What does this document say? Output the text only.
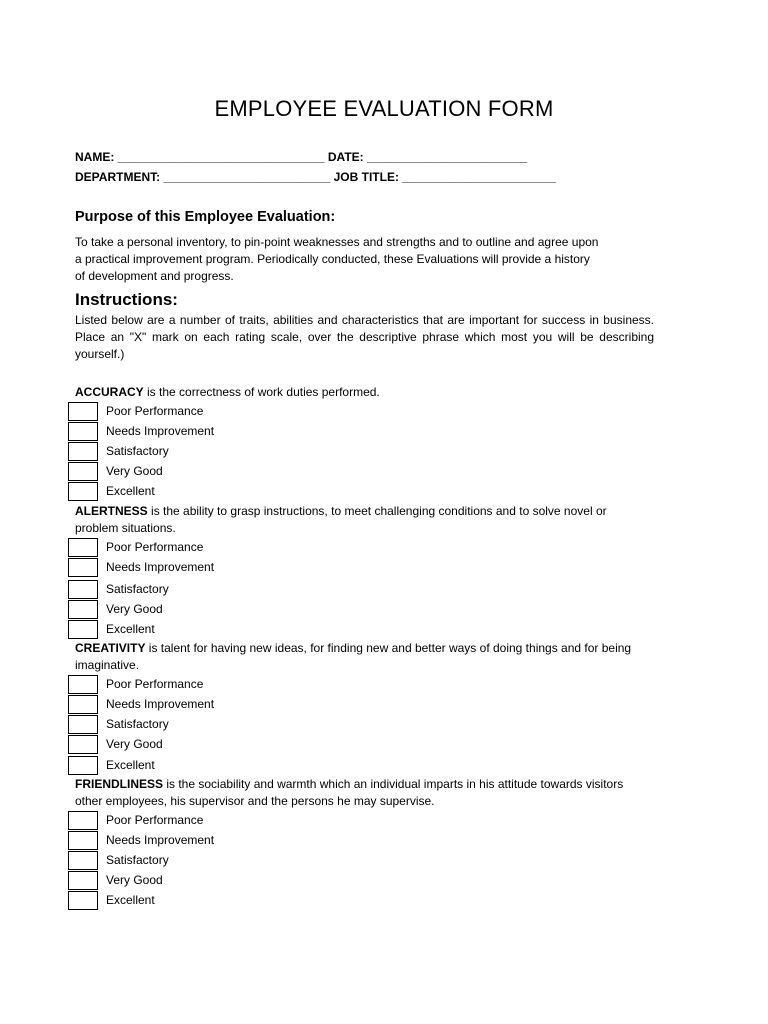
EMPLOYEE EVALUATION FORM
NAME: _______________________________ DATE: ________________________
DEPARTMENT: _________________________ JOB TITLE: _______________________
Purpose of this Employee Evaluation:
To take a personal inventory, to pin-point weaknesses and strengths and to outline and agree upon
a practical improvement program. Periodically conducted, these Evaluations will provide a history
of development and progress.
Instructions:
Listed below are a number of traits, abilities and characteristics that are important for success in business. Place an "X" mark on each rating scale, over the descriptive phrase which most you will be describing yourself.)
ACCURACY is the correctness of work duties performed.
Poor Performance
Needs Improvement
Satisfactory
Very Good
Excellent
ALERTNESS is the ability to grasp instructions, to meet challenging conditions and to solve novel or problem situations.
Poor Performance
Needs Improvement
Satisfactory
Very Good
Excellent
CREATIVITY is talent for having new ideas, for finding new and better ways of doing things and for being imaginative.
Poor Performance
Needs Improvement
Satisfactory
Very Good
Excellent
FRIENDLINESS is the sociability and warmth which an individual imparts in his attitude towards visitors other employees, his supervisor and the persons he may supervise.
Poor Performance
Needs Improvement
Satisfactory
Very Good
Excellent
